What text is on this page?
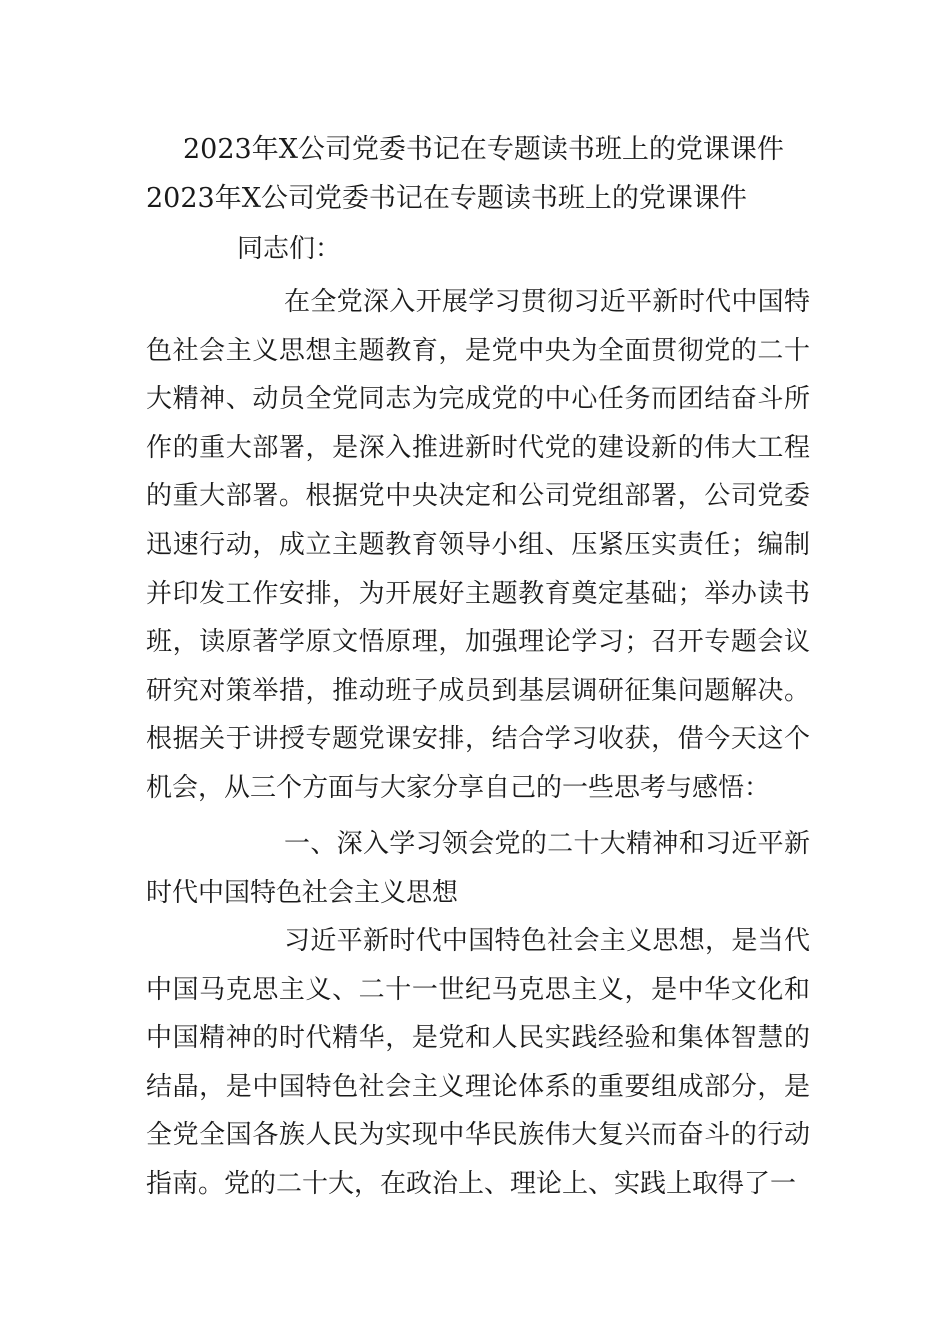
2023年X公司党委书记在专题读书班上的党课课件
2023年X公司党委书记在专题读书班上的党课课件

同志们：

在全党深入开展学习贯彻习近平新时代中国特色社会主义思想主题教育，是党中央为全面贯彻党的二十大精神、动员全党同志为完成党的中心任务而团结奋斗所作的重大部署，是深入推进新时代党的建设新的伟大工程的重大部署。根据党中央决定和公司党组部署，公司党委迅速行动，成立主题教育领导小组、压紧压实责任；编制并印发工作安排，为开展好主题教育奠定基础；举办读书班，读原著学原文悟原理，加强理论学习；召开专题会议研究对策举措，推动班子成员到基层调研征集问题解决。根据关于讲授专题党课安排，结合学习收获，借今天这个机会，从三个方面与大家分享自己的一些思考与感悟：

一、深入学习领会党的二十大精神和习近平新时代中国特色社会主义思想

习近平新时代中国特色社会主义思想，是当代中国马克思主义、二十一世纪马克思主义，是中华文化和中国精神的时代精华，是党和人民实践经验和集体智慧的结晶，是中国特色社会主义理论体系的重要组成部分，是全党全国各族人民为实现中华民族伟大复兴而奋斗的行动指南。党的二十大，在政治上、理论上、实践上取得了一
